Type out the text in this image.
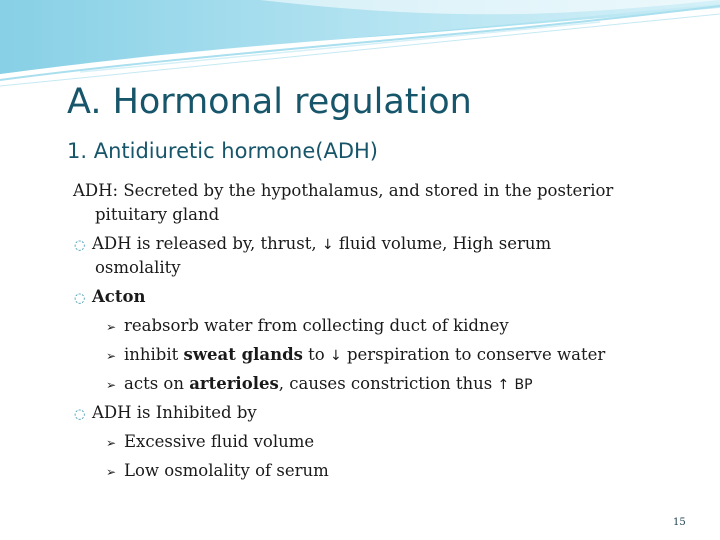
A. Hormonal regulation
1. Antidiuretic hormone(ADH)
ADH: Secreted by the hypothalamus, and stored in the posterior
pituitary gland
◌ ADH is released by, thrust, ↓ fluid volume, High serum
osmolality
◌ Acton
➢ reabsorb water from collecting duct of kidney
➢ inhibit sweat glands to ↓ perspiration to conserve water
➢ acts on arterioles, causes constriction thus ↑ BP
◌ ADH is Inhibited by
➢ Excessive fluid volume
➢ Low osmolality of serum
15
